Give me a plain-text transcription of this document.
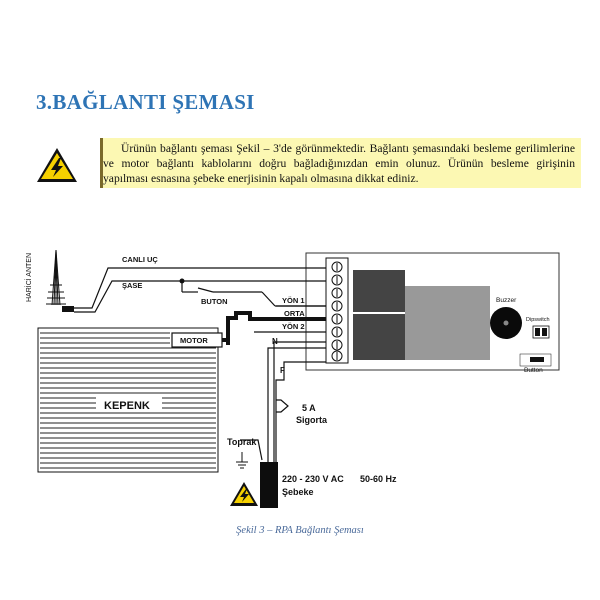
3.BAĞLANTI ŞEMASI

Ürünün bağlantı şeması Şekil – 3'de görünmektedir. Bağlantı şemasındaki besleme gerilimlerine ve motor bağlantı kablolarını doğru bağladığınızdan emin olunuz. Ürünün besleme girişinin yapılması esnasına şebeke enerjisinin kapalı olmasına dikkat ediniz.

Buzzer
Dipswitch
Button
HARİCİ ANTEN	CANLI UÇ
ŞASE
BUTON	YÖN 1
ORTA
YÖN 2
N
F
5 A
Sigorta
220 - 230 V AC 50-60 Hz
Şebeke
Toprak
KEPENK
MOTOR
Şekil 3 – RPA Bağlantı Şeması
